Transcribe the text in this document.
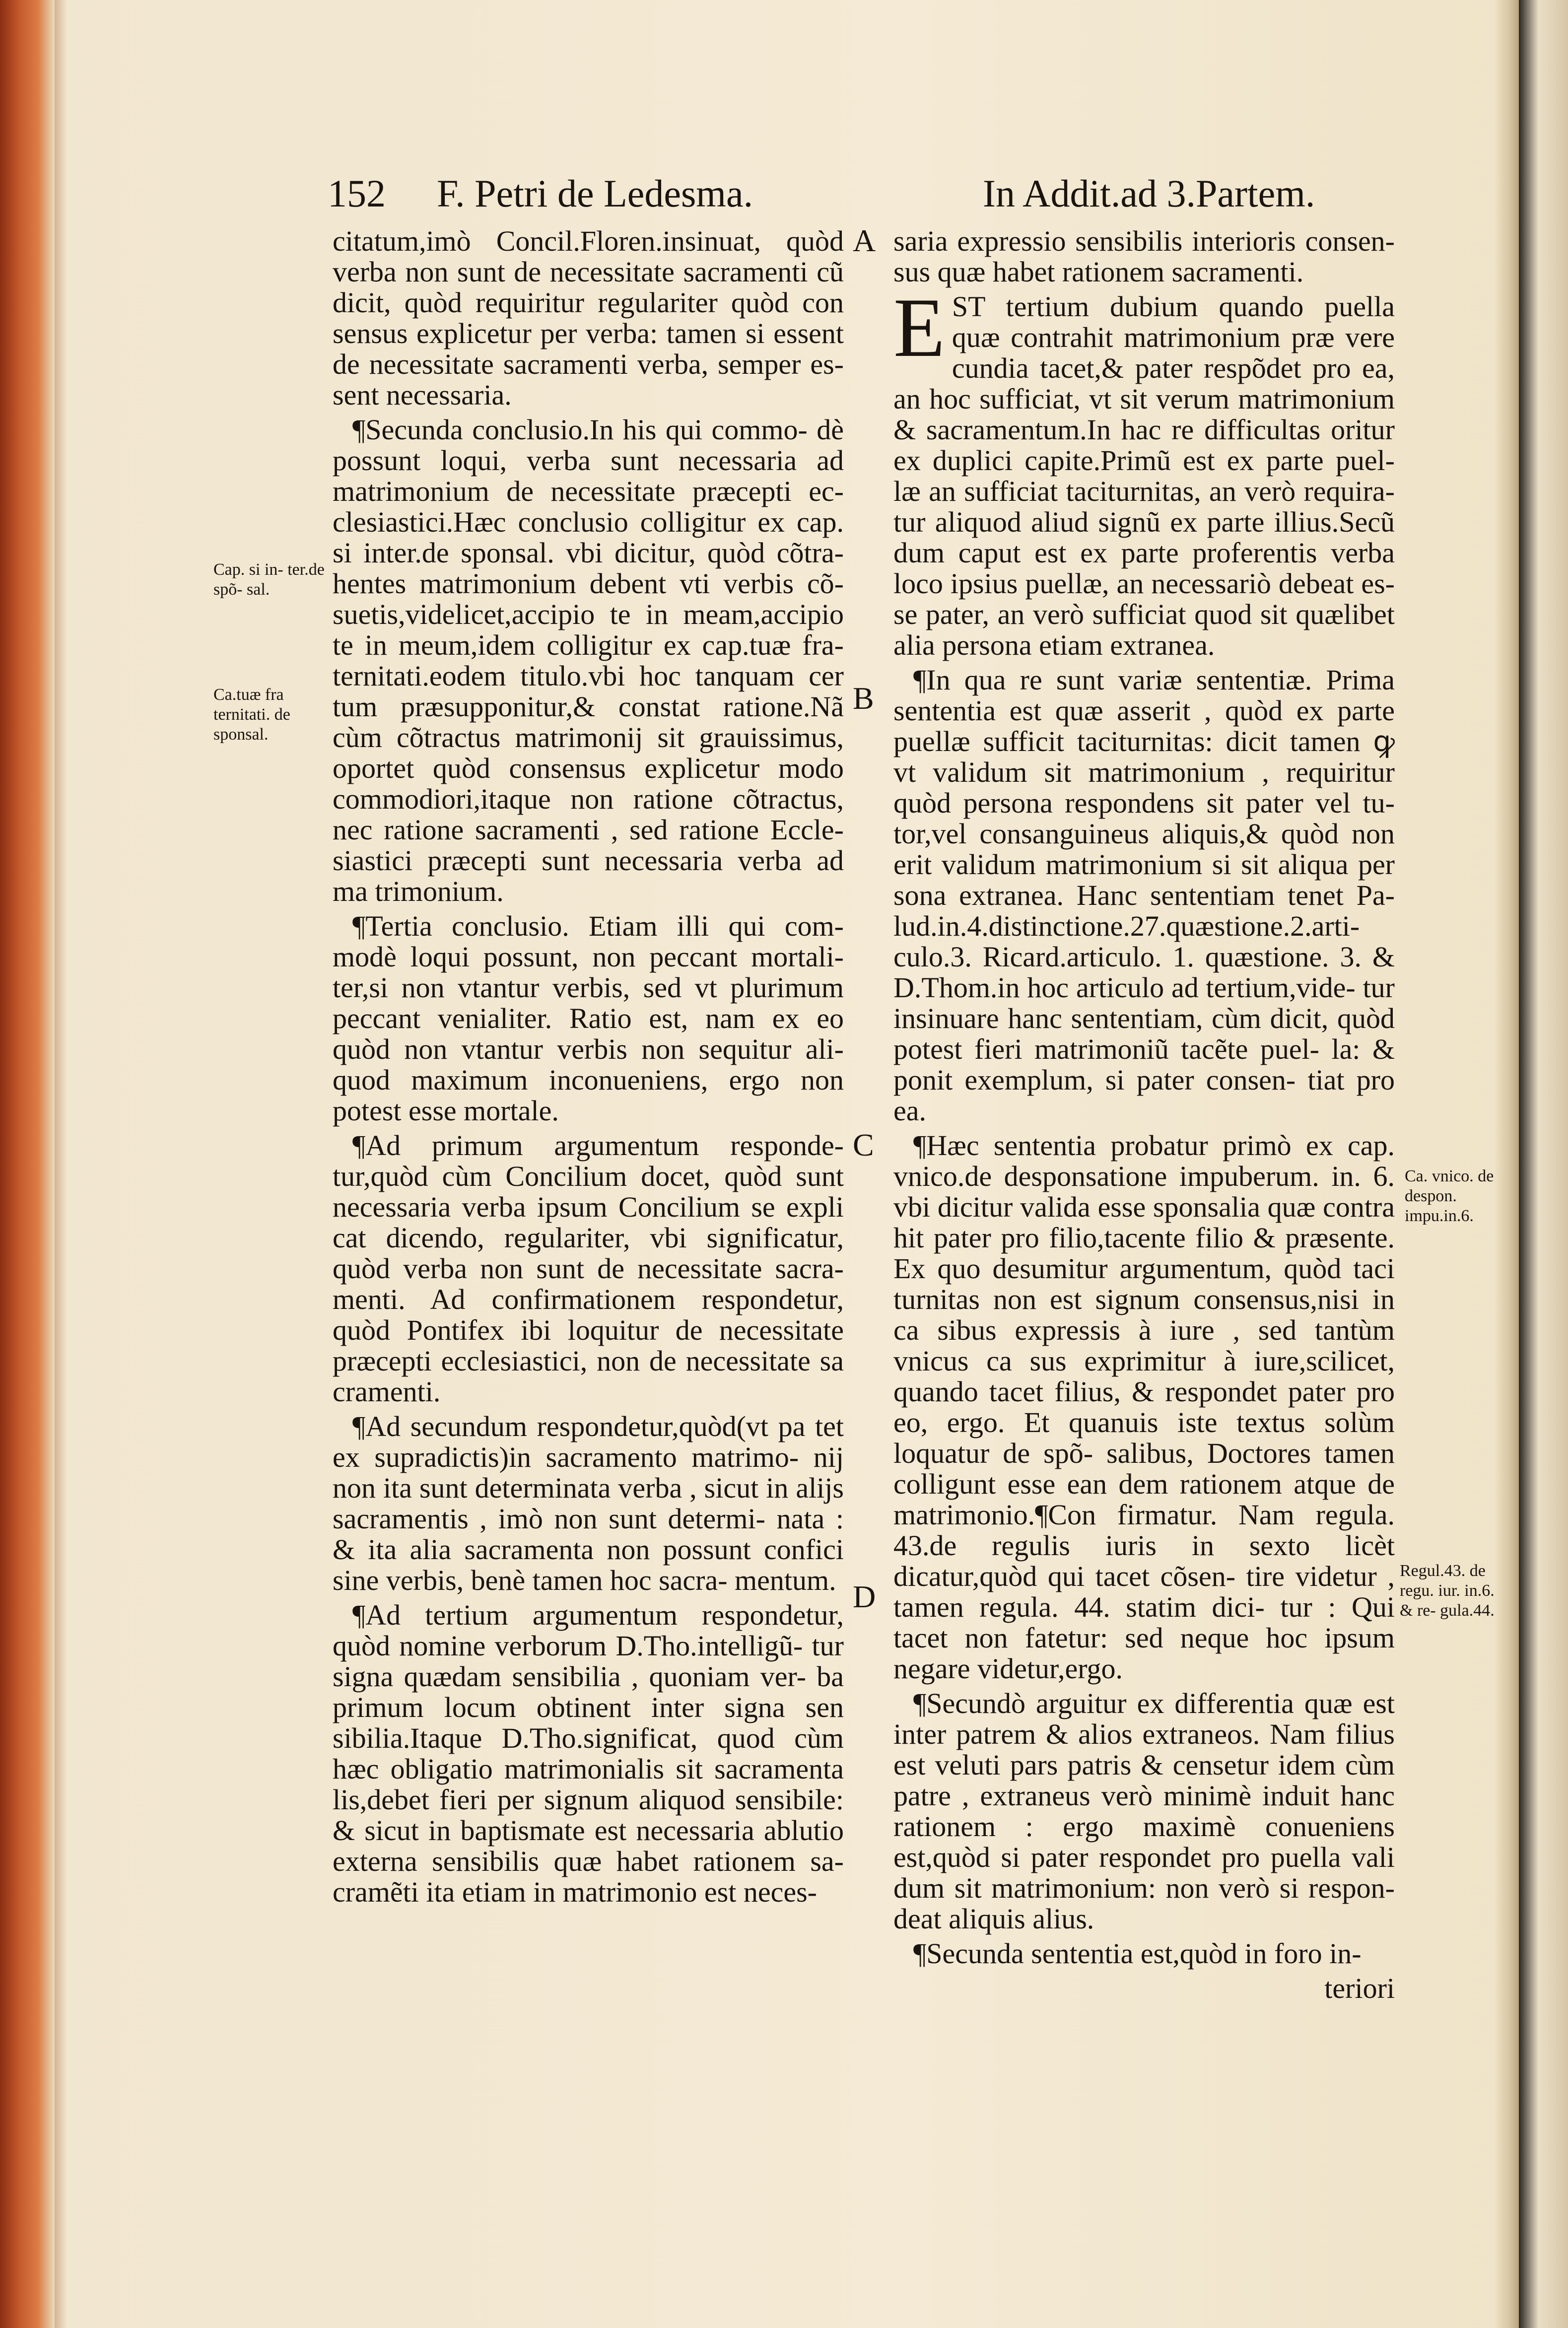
152 F. Petri de Ledesma.	In Addit.ad 3.Partem.

citatum,imò Concil.Floren.insinuat, quòd verba non sunt de necessitate sacramenti cũ dicit, quòd requiritur regulariter quòd con sensus explicetur per verba: tamen si essent de necessitate sacramenti verba, semper es- sent necessaria.

¶Secunda conclusio.In his qui commo- dè possunt loqui, verba sunt necessaria ad matrimonium de necessitate præcepti ec- clesiastici.Hæc conclusio colligitur ex cap. si inter.de sponsal. vbi dicitur, quòd cõtra- hentes matrimonium debent vti verbis cõ- suetis,videlicet,accipio te in meam,accipio te in meum,idem colligitur ex cap.tuæ fra- ternitati.eodem titulo.vbi hoc tanquam cer tum præsupponitur,& constat ratione.Nã cùm cõtractus matrimonij sit grauissimus, oportet quòd consensus explicetur modo commodiori,itaque non ratione cõtractus, nec ratione sacramenti , sed ratione Eccle- siastici præcepti sunt necessaria verba ad ma trimonium.

¶Tertia conclusio. Etiam illi qui com- modè loqui possunt, non peccant mortali- ter,si non vtantur verbis, sed vt plurimum peccant venialiter. Ratio est, nam ex eo quòd non vtantur verbis non sequitur ali- quod maximum inconueniens, ergo non potest esse mortale.

¶Ad primum argumentum responde- tur,quòd cùm Concilium docet, quòd sunt necessaria verba ipsum Concilium se expli cat dicendo, regulariter, vbi significatur, quòd verba non sunt de necessitate sacra- menti. Ad confirmationem respondetur, quòd Pontifex ibi loquitur de necessitate præcepti ecclesiastici, non de necessitate sa cramenti.

¶Ad secundum respondetur,quòd(vt pa tet ex supradictis)in sacramento matrimo- nij non ita sunt determinata verba , sicut in alijs sacramentis , imò non sunt determi- nata : & ita alia sacramenta non possunt confici sine verbis, benè tamen hoc sacra- mentum.

¶Ad tertium argumentum respondetur, quòd nomine verborum D.Tho.intelligũ- tur signa quædam sensibilia , quoniam ver- ba primum locum obtinent inter signa sen sibilia.Itaque D.Tho.significat, quod cùm hæc obligatio matrimonialis sit sacramenta lis,debet fieri per signum aliquod sensibile: & sicut in baptismate est necessaria ablutio externa sensibilis quæ habet rationem sa- cramẽti ita etiam in matrimonio est neces-

saria expressio sensibilis interioris consen- sus quæ habet rationem sacramenti.

EST tertium dubium quando puella quæ contrahit matrimonium præ vere cundia tacet,& pater respõdet pro ea, an hoc sufficiat, vt sit verum matrimonium & sacramentum.In hac re difficultas oritur ex duplici capite.Primũ est ex parte puel- læ an sufficiat taciturnitas, an verò requira- tur aliquod aliud signũ ex parte illius.Secũ dum caput est ex parte proferentis verba loco ipsius puellæ, an necessariò debeat es- se pater, an verò sufficiat quod sit quælibet alia persona etiam extranea.

¶In qua re sunt variæ sententiæ. Prima sententia est quæ asserit , quòd ex parte puellæ sufficit taciturnitas: dicit tamen ꝙ vt validum sit matrimonium , requiritur quòd persona respondens sit pater vel tu- tor,vel consanguineus aliquis,& quòd non erit validum matrimonium si sit aliqua per sona extranea. Hanc sententiam tenet Pa- lud.in.4.distinctione.27.quæstione.2.arti- culo.3. Ricard.articulo. 1. quæstione. 3. & D.Thom.in hoc articulo ad tertium,vide- tur insinuare hanc sententiam, cùm dicit, quòd potest fieri matrimoniũ tacẽte puel- la: & ponit exemplum, si pater consen- tiat pro ea.

¶Hæc sententia probatur primò ex cap. vnico.de desponsatione impuberum. in. 6. vbi dicitur valida esse sponsalia quæ contra hit pater pro filio,tacente filio & præsente. Ex quo desumitur argumentum, quòd taci turnitas non est signum consensus,nisi in ca sibus expressis à iure , sed tantùm vnicus ca sus exprimitur à iure,scilicet, quando tacet filius, & respondet pater pro eo, ergo. Et quanuis iste textus solùm loquatur de spõ- salibus, Doctores tamen colligunt esse ean dem rationem atque de matrimonio.¶Con firmatur. Nam regula. 43.de regulis iuris in sexto licèt dicatur,quòd qui tacet cõsen- tire videtur , tamen regula. 44. statim dici- tur : Qui tacet non fatetur: sed neque hoc ipsum negare videtur,ergo.

¶Secundò arguitur ex differentia quæ est inter patrem & alios extraneos. Nam filius est veluti pars patris & censetur idem cùm patre , extraneus verò minimè induit hanc rationem : ergo maximè conueniens est,quòd si pater respondet pro puella vali dum sit matrimonium: non verò si respon- deat aliquis alius.

¶Secunda sententia est,quòd in foro in-

teriori
A
B
C
D
Cap. si in- ter.de spõ- sal.
Ca.tuæ fra ternitati. de sponsal.
Ca. vnico. de despon. impu.in.6.
Regul.43. de regu. iur. in.6. & re- gula.44.
